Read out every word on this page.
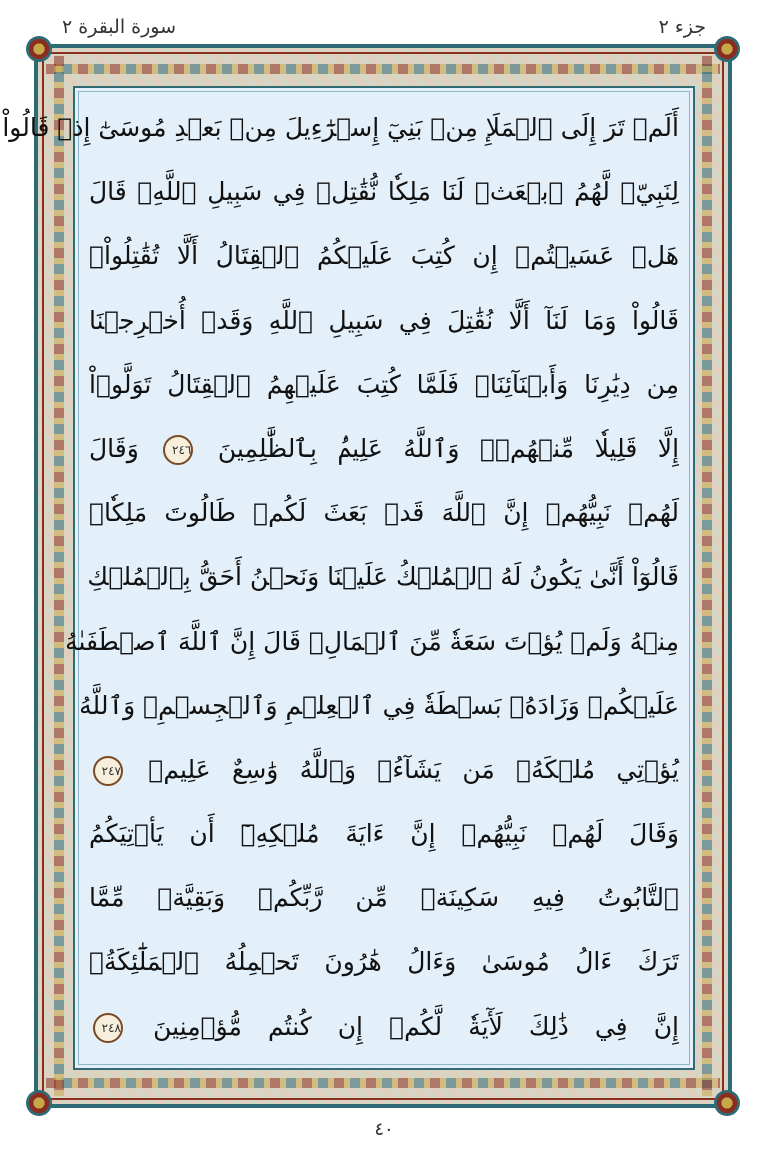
جزء ٢
سورة البقرة ٢
أَلَمۡ تَرَ إِلَى ٱلۡمَلَإِ مِنۢ بَنِيٓ إِسۡرَٰٓءِيلَ مِنۢ بَعۡدِ مُوسَىٰٓ إِذۡ قَالُواْ
لِنَبِيّٖ لَّهُمُ ٱبۡعَثۡ لَنَا مَلِكٗا نُّقَٰتِلۡ فِي سَبِيلِ ٱللَّهِۖ قَالَ
هَلۡ عَسَيۡتُمۡ إِن كُتِبَ عَلَيۡكُمُ ٱلۡقِتَالُ أَلَّا تُقَٰتِلُواْۖ
قَالُواْ وَمَا لَنَآ أَلَّا نُقَٰتِلَ فِي سَبِيلِ ٱللَّهِ وَقَدۡ أُخۡرِجۡنَا
مِن دِيَٰرِنَا وَأَبۡنَآئِنَاۖ فَلَمَّا كُتِبَ عَلَيۡهِمُ ٱلۡقِتَالُ تَوَلَّوۡاْ
إِلَّا قَلِيلٗا مِّنۡهُمۡۚ وَٱللَّهُ عَلِيمُۢ بِٱلظَّٰلِمِينَ ٢٤٦ وَقَالَ
لَهُمۡ نَبِيُّهُمۡ إِنَّ ٱللَّهَ قَدۡ بَعَثَ لَكُمۡ طَالُوتَ مَلِكٗاۚ
قَالُوٓاْ أَنَّىٰ يَكُونُ لَهُ ٱلۡمُلۡكُ عَلَيۡنَا وَنَحۡنُ أَحَقُّ بِٱلۡمُلۡكِ
مِنۡهُ وَلَمۡ يُؤۡتَ سَعَةٗ مِّنَ ٱلۡمَالِۚ قَالَ إِنَّ ٱللَّهَ ٱصۡطَفَىٰهُ
عَلَيۡكُمۡ وَزَادَهُۥ بَسۡطَةٗ فِي ٱلۡعِلۡمِ وَٱلۡجِسۡمِۖ وَٱللَّهُ
يُؤۡتِي مُلۡكَهُۥ مَن يَشَآءُۚ وَٱللَّهُ وَٰسِعٌ عَلِيمٞ ٢٤٧
وَقَالَ لَهُمۡ نَبِيُّهُمۡ إِنَّ ءَايَةَ مُلۡكِهِۦٓ أَن يَأۡتِيَكُمُ
ٱلتَّابُوتُ فِيهِ سَكِينَةٞ مِّن رَّبِّكُمۡ وَبَقِيَّةٞ مِّمَّا
تَرَكَ ءَالُ مُوسَىٰ وَءَالُ هَٰرُونَ تَحۡمِلُهُ ٱلۡمَلَٰٓئِكَةُۚ
إِنَّ فِي ذَٰلِكَ لَأٓيَةٗ لَّكُمۡ إِن كُنتُم مُّؤۡمِنِينَ ٢٤٨
٤٠
